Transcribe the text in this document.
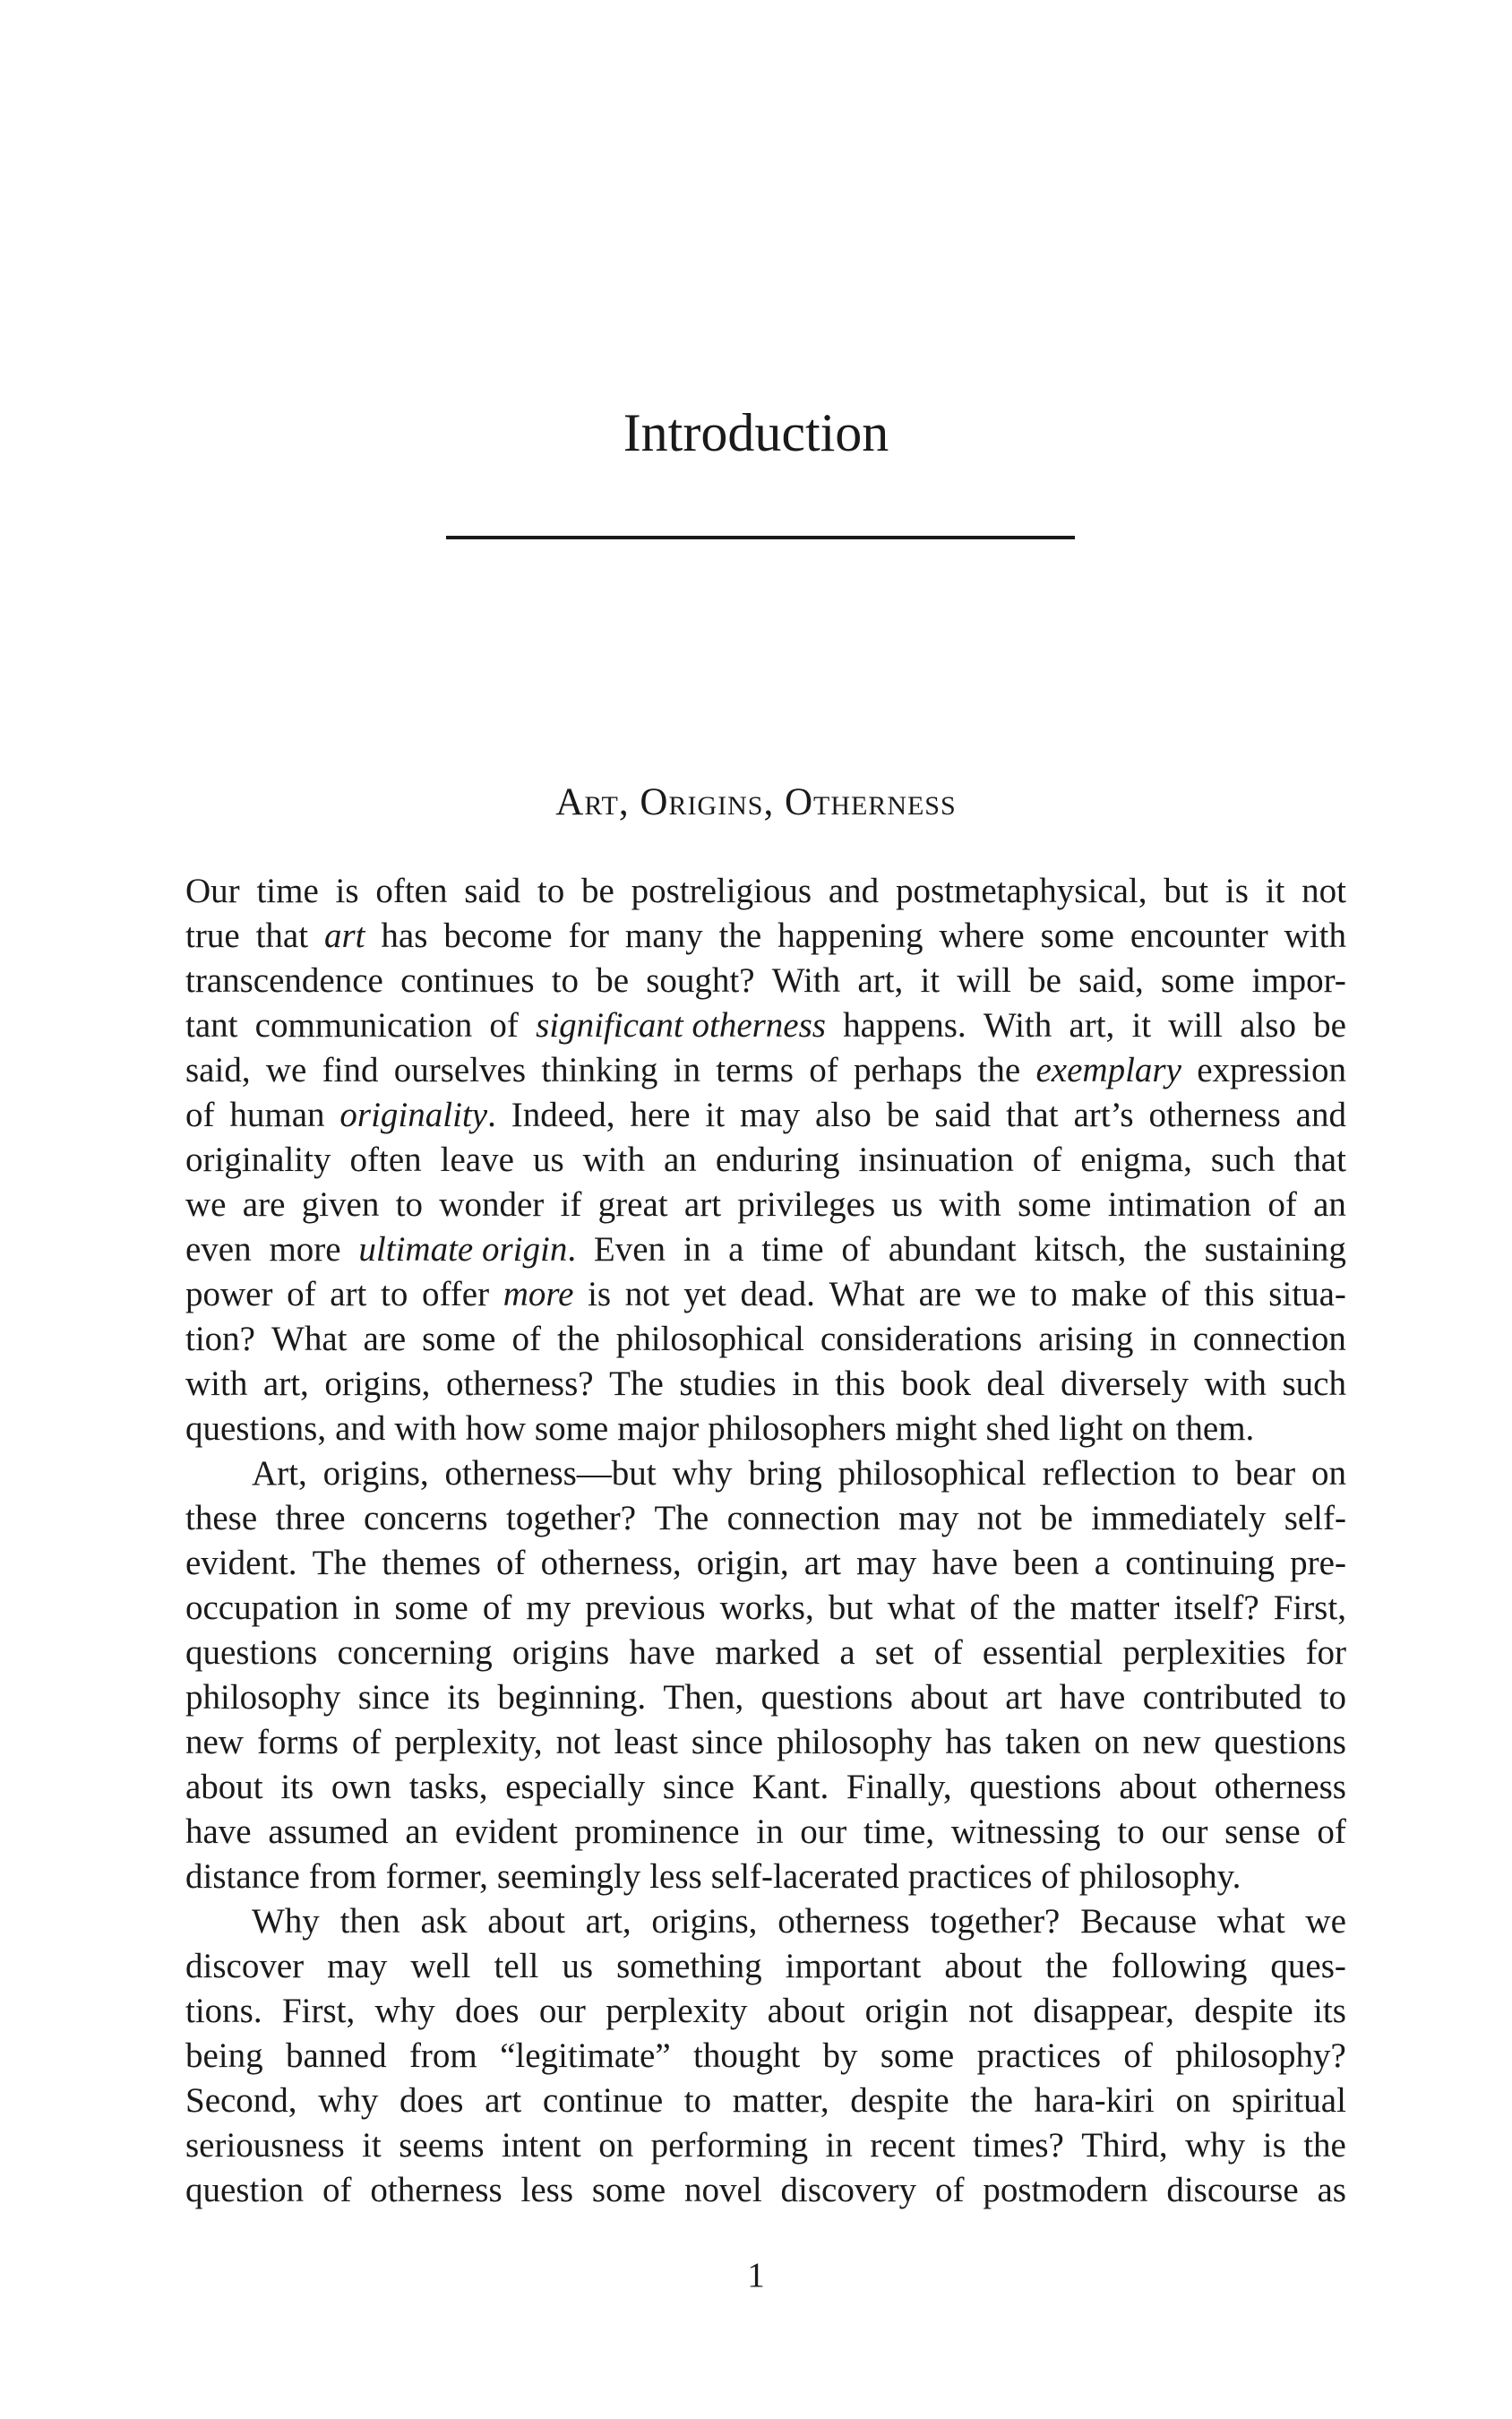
Introduction
Art, Origins, Otherness
Our time is often said to be postreligious and postmetaphysical, but is it not
true that art has become for many the happening where some encounter with
transcendence continues to be sought? With art, it will be said, some impor-
tant communication of significant otherness happens. With art, it will also be
said, we find ourselves thinking in terms of perhaps the exemplary expression
of human originality. Indeed, here it may also be said that art’s otherness and
originality often leave us with an enduring insinuation of enigma, such that
we are given to wonder if great art privileges us with some intimation of an
even more ultimate origin. Even in a time of abundant kitsch, the sustaining
power of art to offer more is not yet dead. What are we to make of this situa-
tion? What are some of the philosophical considerations arising in connection
with art, origins, otherness? The studies in this book deal diversely with such
questions, and with how some major philosophers might shed light on them.
Art, origins, otherness—but why bring philosophical reflection to bear on
these three concerns together? The connection may not be immediately self-
evident. The themes of otherness, origin, art may have been a continuing pre-
occupation in some of my previous works, but what of the matter itself? First,
questions concerning origins have marked a set of essential perplexities for
philosophy since its beginning. Then, questions about art have contributed to
new forms of perplexity, not least since philosophy has taken on new questions
about its own tasks, especially since Kant. Finally, questions about otherness
have assumed an evident prominence in our time, witnessing to our sense of
distance from former, seemingly less self-lacerated practices of philosophy.
Why then ask about art, origins, otherness together? Because what we
discover may well tell us something important about the following ques-
tions. First, why does our perplexity about origin not disappear, despite its
being banned from “legitimate” thought by some practices of philosophy?
Second, why does art continue to matter, despite the hara-kiri on spiritual
seriousness it seems intent on performing in recent times? Third, why is the
question of otherness less some novel discovery of postmodern discourse as
1
